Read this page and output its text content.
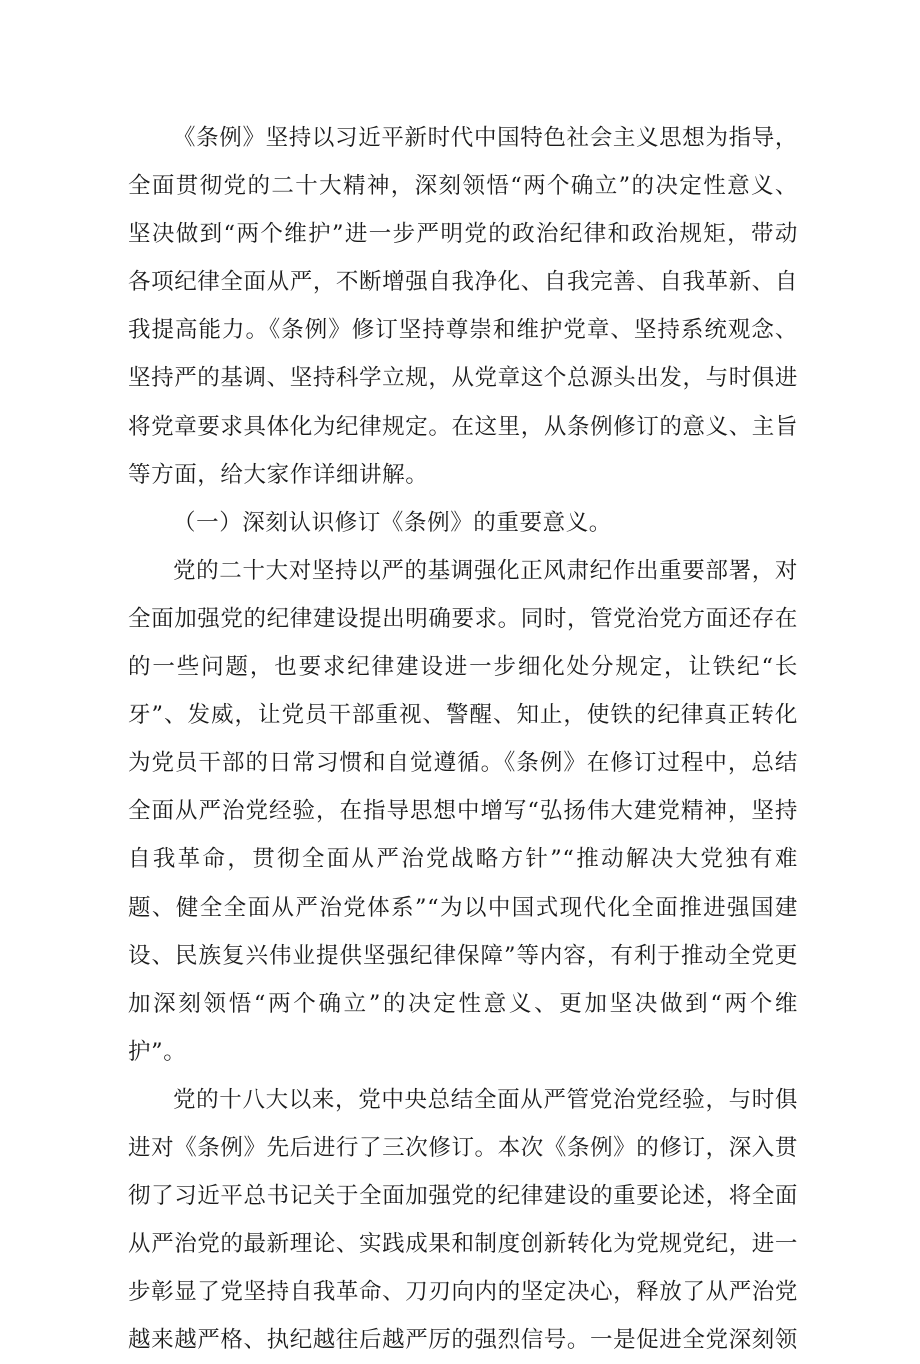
《条例》坚持以习近平新时代中国特色社会主义思想为指导，全面贯彻党的二十大精神，深刻领悟“两个确立”的决定性意义、坚决做到“两个维护”进一步严明党的政治纪律和政治规矩，带动各项纪律全面从严，不断增强自我净化、自我完善、自我革新、自我提高能力。《条例》修订坚持尊崇和维护党章、坚持系统观念、坚持严的基调、坚持科学立规，从党章这个总源头出发，与时俱进将党章要求具体化为纪律规定。在这里，从条例修订的意义、主旨等方面，给大家作详细讲解。

（一）深刻认识修订《条例》的重要意义。

党的二十大对坚持以严的基调强化正风肃纪作出重要部署，对全面加强党的纪律建设提出明确要求。同时，管党治党方面还存在的一些问题，也要求纪律建设进一步细化处分规定，让铁纪“长牙”、发威，让党员干部重视、警醒、知止，使铁的纪律真正转化为党员干部的日常习惯和自觉遵循。《条例》在修订过程中，总结全面从严治党经验，在指导思想中增写“弘扬伟大建党精神，坚持自我革命，贯彻全面从严治党战略方针”“推动解决大党独有难题、健全全面从严治党体系”“为以中国式现代化全面推进强国建设、民族复兴伟业提供坚强纪律保障”等内容，有利于推动全党更加深刻领悟“两个确立”的决定性意义、更加坚决做到“两个维护”。

党的十八大以来，党中央总结全面从严管党治党经验，与时俱进对《条例》先后进行了三次修订。本次《条例》的修订，深入贯彻了习近平总书记关于全面加强党的纪律建设的重要论述，将全面从严治党的最新理论、实践成果和制度创新转化为党规党纪，进一步彰显了党坚持自我革命、刀刃向内的坚定决心，释放了从严治党越来越严格、执纪越往后越严厉的强烈信号。一是促进全党深刻领
